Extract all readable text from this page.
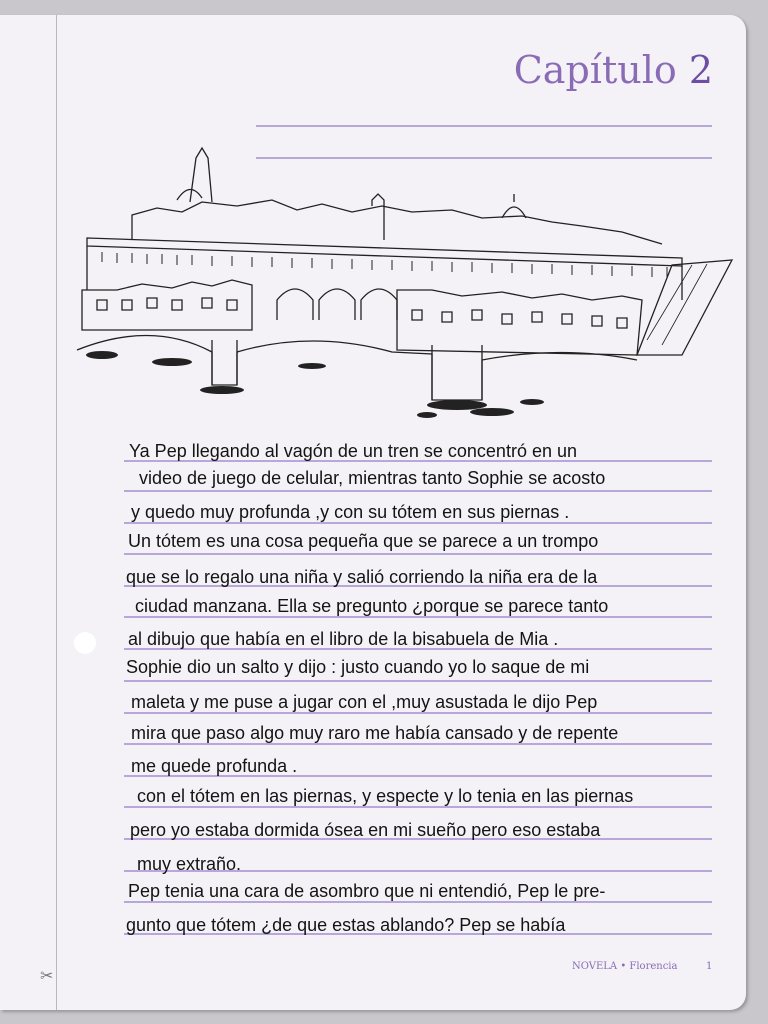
Capítulo 2
Ya Pep llegando al vagón de un tren se concentró en un
video de juego de celular, mientras tanto Sophie se acosto
y quedo muy profunda ,y con su tótem en sus piernas .
Un tótem es una cosa pequeña que se parece a un trompo
que se lo regalo una niña y salió corriendo la niña era de la
ciudad manzana. Ella se pregunto ¿porque se parece tanto
al dibujo que había en el libro de la bisabuela de Mia .
Sophie dio un salto y dijo : justo cuando yo lo saque de mi
maleta y me puse a jugar con el ,muy asustada le dijo Pep
mira que paso algo muy raro me había cansado y de repente
me quede profunda .
con el tótem en las piernas, y especte y lo tenia en las piernas
pero yo estaba dormida ósea en mi sueño pero eso estaba
muy extraño.
Pep tenia una cara de asombro que ni entendió, Pep le pre-
gunto que tótem ¿de que estas ablando? Pep se había
NOVELA • Florencia	1
✂
